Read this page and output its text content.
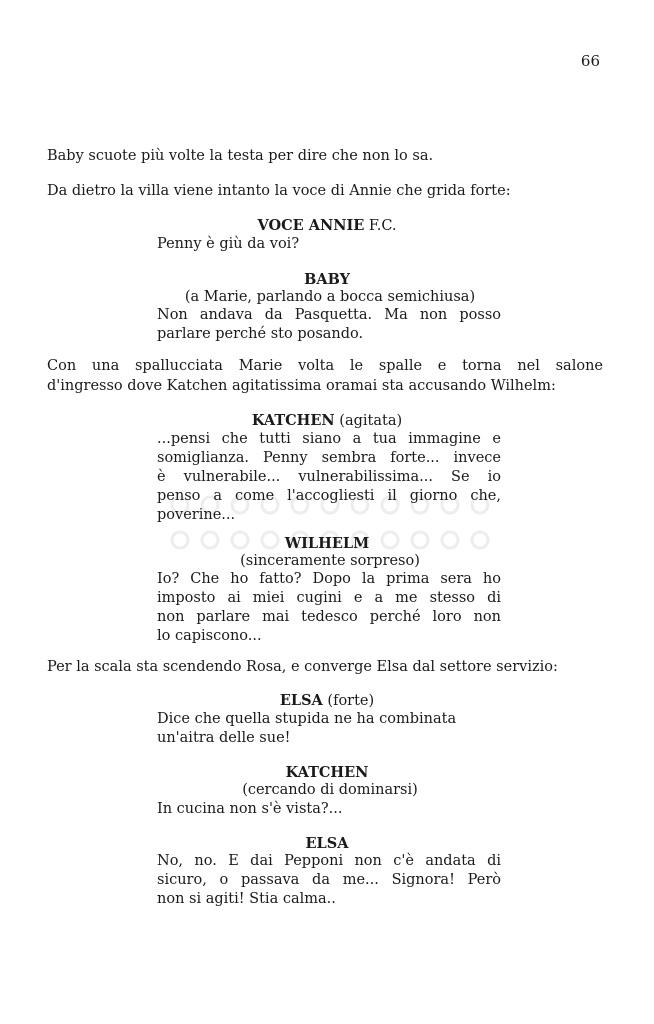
66
Baby scuote più volte la testa per dire che non lo sa.
Da dietro la villa viene intanto la voce di Annie che grida forte:
VOCE ANNIE F.C.
Penny è giù da voi?
BABY
(a Marie, parlando a bocca semichiusa)
Non andava da Pasquetta. Ma non posso
parlare perché sto posando.
Con una spallucciata Marie volta le spalle e torna nel salone
d'ingresso dove Katchen agitatissima oramai sta accusando Wilhelm:
KATCHEN (agitata)
...pensi che tutti siano a tua immagine e
somiglianza. Penny sembra forte... invece
è vulnerabile... vulnerabilissima... Se io
penso a come l'accogliesti il giorno che,
poverine...
WILHELM
(sinceramente sorpreso)
Io? Che ho fatto? Dopo la prima sera ho
imposto ai miei cugini e a me stesso di
non parlare mai tedesco perché loro non
lo capiscono...
Per la scala sta scendendo Rosa, e converge Elsa dal settore servizio:
ELSA (forte)
Dice che quella stupida ne ha combinata
un'aitra delle sue!
KATCHEN
(cercando di dominarsi)
In cucina non s'è vista?...
ELSA
No, no. E dai Pepponi non c'è andata di
sicuro, o passava da me... Signora! Però
non si agiti! Stia calma..
